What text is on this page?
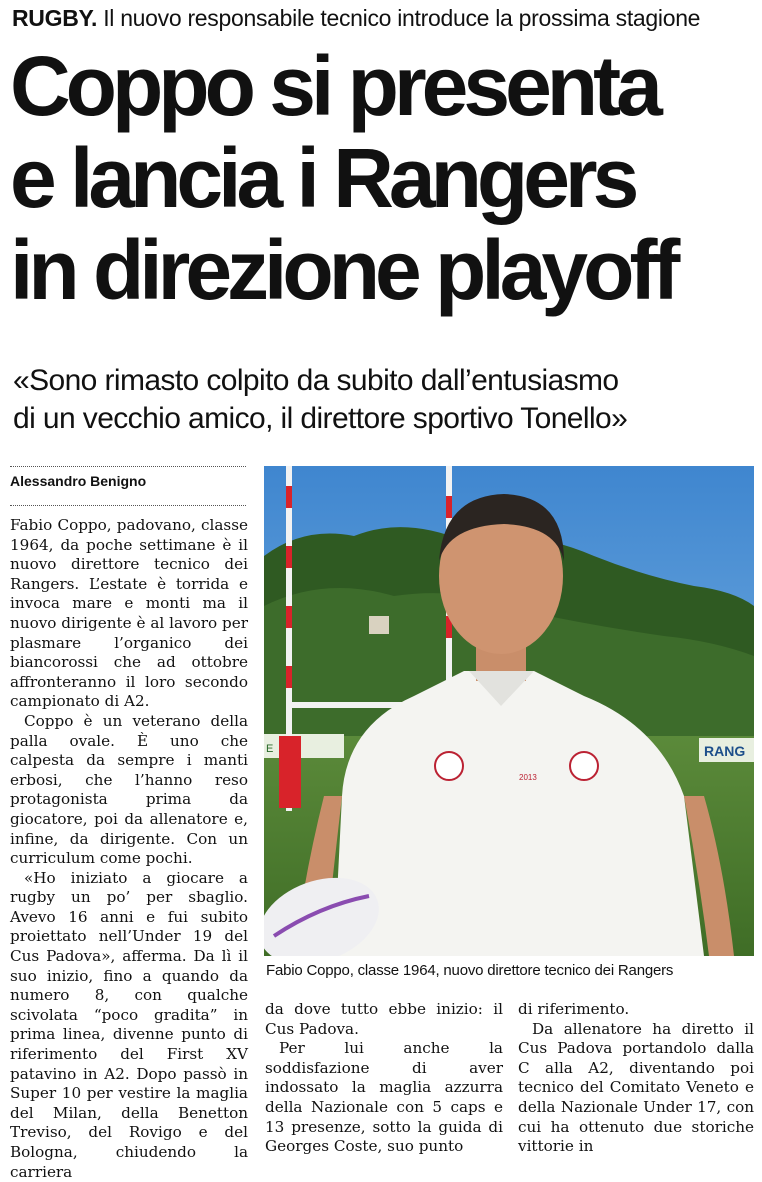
RUGBY. Il nuovo responsabile tecnico introduce la prossima stagione
Coppo si presenta
e lancia i Rangers
in direzione playoff
«Sono rimasto colpito da subito dall’entusiasmo
di un vecchio amico, il direttore sportivo Tonello»
Alessandro Benigno

Fabio Coppo, padovano, classe 1964, da poche settimane è il nuovo direttore tecnico dei Rangers. L’estate è torrida e invoca mare e monti ma il nuovo dirigente è al lavoro per plasmare l’organico dei biancorossi che ad ottobre affronteranno il loro secondo campionato di A2.

Coppo è un veterano della palla ovale. È uno che calpesta da sempre i manti erbosi, che l’hanno reso protagonista prima da giocatore, poi da allenatore e, infine, da dirigente. Con un curriculum come pochi.

«Ho iniziato a giocare a rugby un po’ per sbaglio. Avevo 16 anni e fui subito proiettato nell’Under 19 del Cus Padova», afferma. Da lì il suo inizio, fino a quando da numero 8, con qualche scivolata “poco gradita” in prima linea, divenne punto di riferimento del First XV patavino in A2. Dopo passò in Super 10 per vestire la maglia del Milan, della Benetton Treviso, del Rovigo e del Bologna, chiudendo la carriera

E	RANG
2013
Fabio Coppo, classe 1964, nuovo direttore tecnico dei Rangers

da dove tutto ebbe inizio: il Cus Padova.

Per lui anche la soddisfazione di aver indossato la maglia azzurra della Nazionale con 5 caps e 13 presenze, sotto la guida di Georges Coste, suo punto

di riferimento.

Da allenatore ha diretto il Cus Padova portandolo dalla C alla A2, diventando poi tecnico del Comitato Veneto e della Nazionale Under 17, con cui ha ottenuto due storiche vittorie in
